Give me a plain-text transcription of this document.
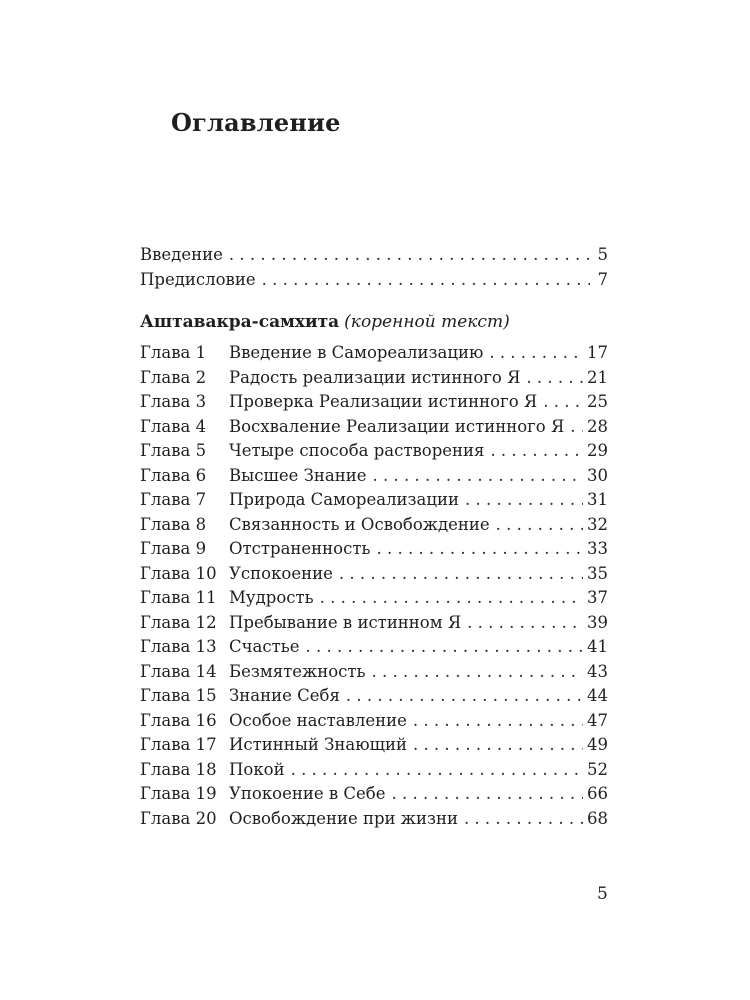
Оглавление
Введение . . .	5
Предисловие . . .	7
Аштавакра-самхита (коренной текст)
Глава 1	Введение в Самореализацию . . .	17
Глава 2	Радость реализации истинного Я . . .	21
Глава 3	Проверка Реализации истинного Я . . .	25
Глава 4	Восхваление Реализации истинного Я . . . 28
Глава 5	Четыре способа растворения . . .	29
Глава 6	Высшее Знание . . .	30
Глава 7	Природа Самореализации . . .	31
Глава 8	Связанность и Освобождение . . .	32
Глава 9	Отстраненность . . .	33
Глава 10 Успокоение . . .	35
Глава 11 Мудрость . . .	37
Глава 12 Пребывание в истинном Я . . .	39
Глава 13 Счастье . . .	41
Глава 14 Безмятежность . . .	43
Глава 15 Знание Себя . . .	44
Глава 16 Особое наставление . . .	47
Глава 17 Истинный Знающий . . .	49
Глава 18 Покой . . .	52
Глава 19 Упокоение в Себе . . .	66
Глава 20 Освобождение при жизни . . .	68
5
